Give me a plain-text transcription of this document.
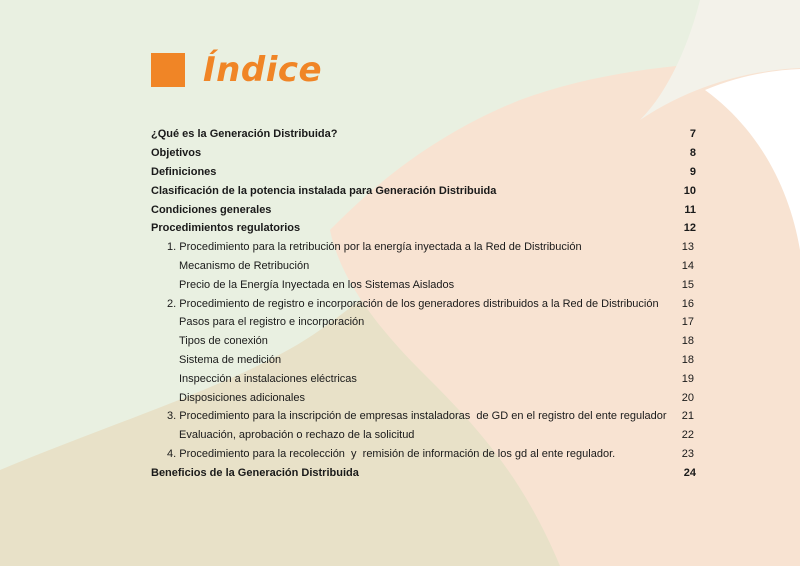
Índice
¿Qué es la Generación Distribuida?	7
Objetivos	8
Definiciones	9
Clasificación de la potencia instalada para Generación Distribuida	10
Condiciones generales	11
Procedimientos regulatorios	12
1. Procedimiento para la retribución por la energía inyectada a la Red de Distribución	13
Mecanismo de Retribución	14
Precio de la Energía Inyectada en los Sistemas Aislados	15
2. Procedimiento de registro e incorporación de los generadores distribuidos a la Red de Distribución	16
Pasos para el registro e incorporación	17
Tipos de conexión	18
Sistema de medición	18
Inspección a instalaciones eléctricas	19
Disposiciones adicionales	20
3. Procedimiento para la inscripción de empresas instaladoras  de GD en el registro del ente regulador	21
Evaluación, aprobación o rechazo de la solicitud	22
4. Procedimiento para la recolección  y  remisión de información de los gd al ente regulador.	23
Beneficios de la Generación Distribuida	24
